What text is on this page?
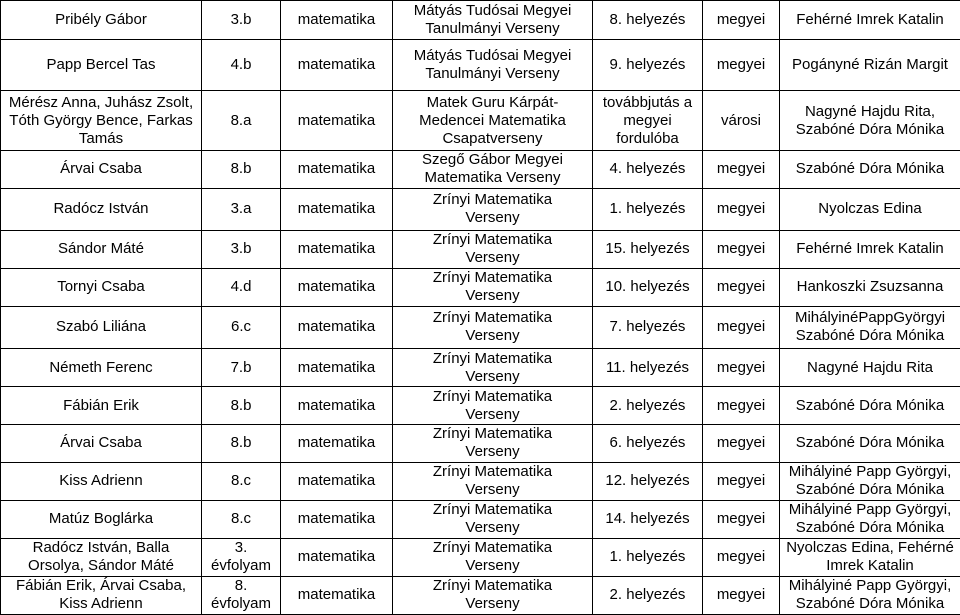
Pribély Gábor	3.b	matematika	Mátyás Tudósai Megyei
Tanulmányi Verseny	8. helyezés	megyei	Fehérné Imrek Katalin

Papp Bercel Tas	4.b	matematika	Mátyás Tudósai Megyei
Tanulmányi Verseny	9. helyezés	megyei	Pogányné Rizán Margit

Mérész Anna, Juhász Zsolt,
Tóth György Bence, Farkas
Tamás	8.a	matematika	Matek Guru Kárpát-
Medencei Matematika
Csapatverseny	továbbjutás a
megyei
fordulóba	városi	Nagyné Hajdu Rita,
Szabóné Dóra Mónika

Árvai Csaba	8.b	matematika	Szegő Gábor Megyei
Matematika Verseny	4. helyezés	megyei	Szabóné Dóra Mónika

Radócz István	3.a	matematika	Zrínyi Matematika
Verseny	1. helyezés	megyei	Nyolczas Edina

Sándor Máté	3.b	matematika	Zrínyi Matematika
Verseny	15. helyezés	megyei	Fehérné Imrek Katalin

Tornyi Csaba	4.d	matematika	Zrínyi Matematika
Verseny	10. helyezés	megyei	Hankoszki Zsuzsanna

Szabó Liliána	6.c	matematika	Zrínyi Matematika
Verseny	7. helyezés	megyei	MihályinéPappGyörgyi
Szabóné Dóra Mónika

Németh Ferenc	7.b	matematika	Zrínyi Matematika
Verseny	11. helyezés	megyei	Nagyné Hajdu Rita

Fábián Erik	8.b	matematika	Zrínyi Matematika
Verseny	2. helyezés	megyei	Szabóné Dóra Mónika

Árvai Csaba	8.b	matematika	Zrínyi Matematika
Verseny	6. helyezés	megyei	Szabóné Dóra Mónika

Kiss Adrienn	8.c	matematika	Zrínyi Matematika
Verseny	12. helyezés	megyei	Mihályiné Papp Györgyi,
Szabóné Dóra Mónika

Matúz Boglárka	8.c	matematika	Zrínyi Matematika
Verseny	14. helyezés	megyei	Mihályiné Papp Györgyi,
Szabóné Dóra Mónika

Radócz István, Balla
Orsolya, Sándor Máté	3.
évfolyam	matematika	Zrínyi Matematika
Verseny	1. helyezés	megyei	Nyolczas Edina, Fehérné
Imrek Katalin

Fábián Erik, Árvai Csaba,
Kiss Adrienn	8.
évfolyam	matematika	Zrínyi Matematika
Verseny	2. helyezés	megyei	Mihályiné Papp Györgyi,
Szabóné Dóra Mónika
